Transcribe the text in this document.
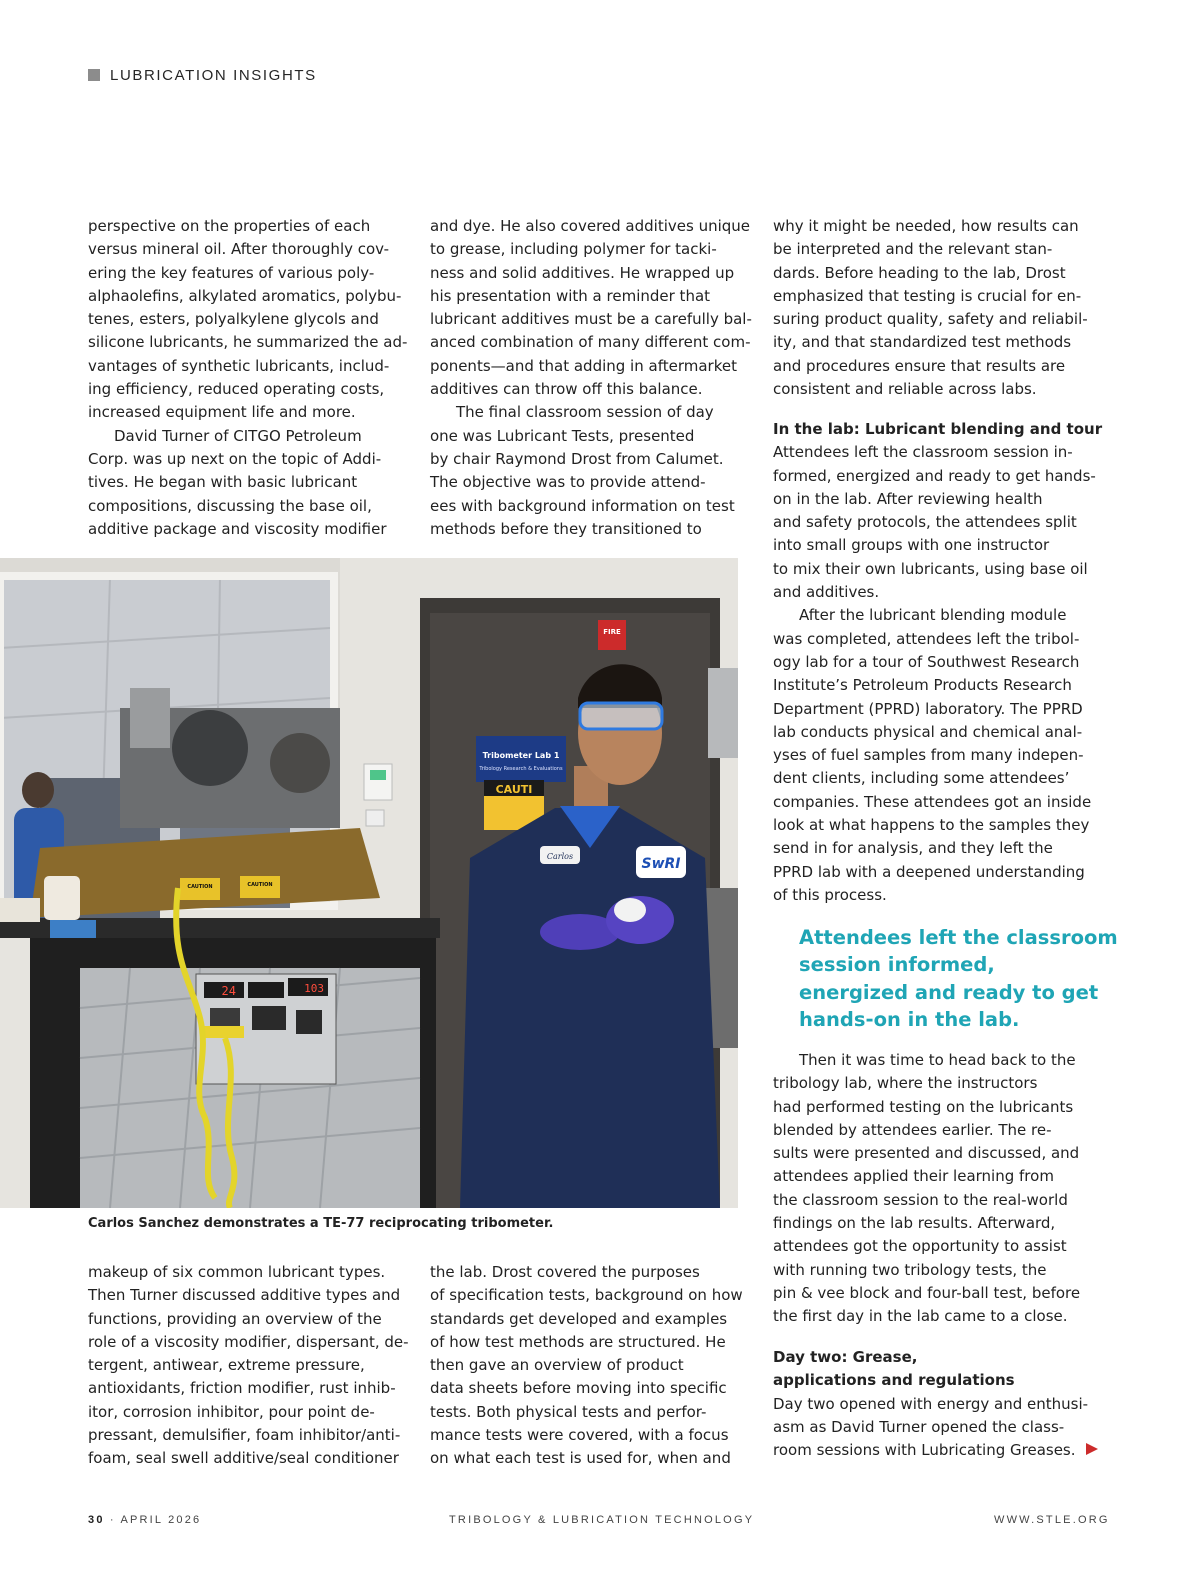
LUBRICATION INSIGHTS

perspective on the properties of each

versus mineral oil. After thoroughly cov-

ering the key features of various poly-

alphaolefins, alkylated aromatics, polybu-

tenes, esters, polyalkylene glycols and

silicone lubricants, he summarized the ad-

vantages of synthetic lubricants, includ-

ing efficiency, reduced operating costs,

increased equipment life and more.

David Turner of CITGO Petroleum

Corp. was up next on the topic of Addi-

tives. He began with basic lubricant

compositions, discussing the base oil,

additive package and viscosity modifier

and dye. He also covered additives unique

to grease, including polymer for tacki-

ness and solid additives. He wrapped up

his presentation with a reminder that

lubricant additives must be a carefully bal-

anced combination of many different com-

ponents—and that adding in aftermarket

additives can throw off this balance.

The final classroom session of day

one was Lubricant Tests, presented

by chair Raymond Drost from Calumet.

The objective was to provide attend-

ees with background information on test

methods before they transitioned to

why it might be needed, how results can

be interpreted and the relevant stan-

dards. Before heading to the lab, Drost

emphasized that testing is crucial for en-

suring product quality, safety and reliabil-

ity, and that standardized test methods

and procedures ensure that results are

consistent and reliable across labs.

In the lab: Lubricant blending and tour

Attendees left the classroom session in-

formed, energized and ready to get hands-

on in the lab. After reviewing health

and safety protocols, the attendees split

into small groups with one instructor

to mix their own lubricants, using base oil

and additives.

After the lubricant blending module

was completed, attendees left the tribol-

ogy lab for a tour of Southwest Research

Institute’s Petroleum Products Research

Department (PPRD) laboratory. The PPRD

lab conducts physical and chemical anal-

yses of fuel samples from many indepen-

dent clients, including some attendees’

companies. These attendees got an inside

look at what happens to the samples they

send in for analysis, and they left the

PPRD lab with a deepened understanding

of this process.

Attendees left the classroom

session informed,

energized and ready to get

hands-on in the lab.

Then it was time to head back to the

tribology lab, where the instructors

had performed testing on the lubricants

blended by attendees earlier. The re-

sults were presented and discussed, and

attendees applied their learning from

the classroom session to the real-world

findings on the lab results. Afterward,

attendees got the opportunity to assist

with running two tribology tests, the

pin & vee block and four-ball test, before

the first day in the lab came to a close.

Day two: Grease,

applications and regulations

Day two opened with energy and enthusi-

asm as David Turner opened the class-

room sessions with Lubricating Greases.

FIRE
Tribometer Lab 1
Tribology Research & Evaluations
CAUTI
CAUTION	CAUTION
24	103
Carlos	SwRI
Carlos Sanchez demonstrates a TE-77 reciprocating tribometer.

makeup of six common lubricant types.

Then Turner discussed additive types and

functions, providing an overview of the

role of a viscosity modifier, dispersant, de-

tergent, antiwear, extreme pressure,

antioxidants, friction modifier, rust inhib-

itor, corrosion inhibitor, pour point de-

pressant, demulsifier, foam inhibitor/anti-

foam, seal swell additive/seal conditioner

the lab. Drost covered the purposes

of specification tests, background on how

standards get developed and examples

of how test methods are structured. He

then gave an overview of product

data sheets before moving into specific

tests. Both physical tests and perfor-

mance tests were covered, with a focus

on what each test is used for, when and

30 · APRIL 2026	TRIBOLOGY & LUBRICATION TECHNOLOGY	WWW.STLE.ORG
